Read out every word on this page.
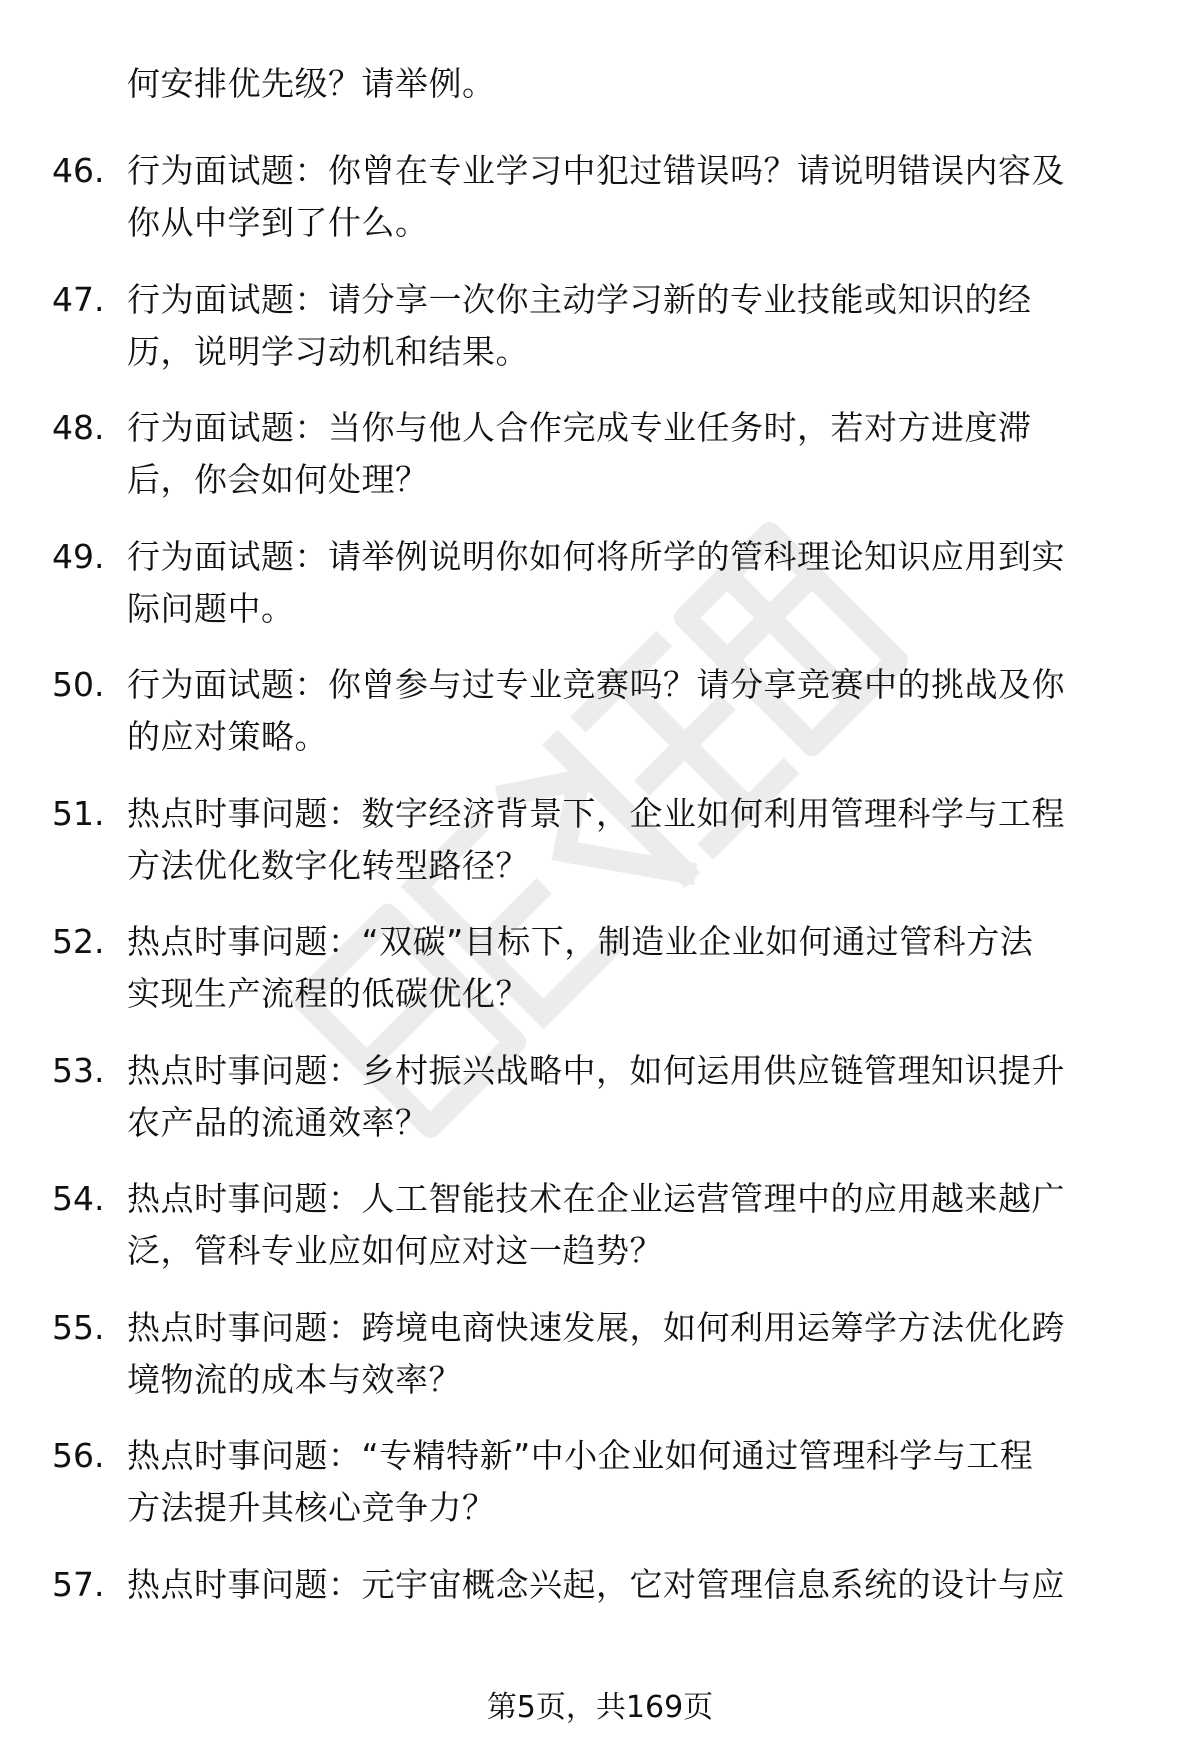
何安排优先级？请举例。
46. 行为面试题：你曾在专业学习中犯过错误吗？请说明错误内容及
你从中学到了什么。
47. 行为面试题：请分享一次你主动学习新的专业技能或知识的经
历，说明学习动机和结果。
48. 行为面试题：当你与他人合作完成专业任务时，若对方进度滞
后，你会如何处理？
49. 行为面试题：请举例说明你如何将所学的管科理论知识应用到实
际问题中。
50. 行为面试题：你曾参与过专业竞赛吗？请分享竞赛中的挑战及你
的应对策略。
51. 热点时事问题：数字经济背景下，企业如何利用管理科学与工程
方法优化数字化转型路径？
52. 热点时事问题：“双碳”目标下，制造业企业如何通过管科方法
实现生产流程的低碳优化？
53. 热点时事问题：乡村振兴战略中，如何运用供应链管理知识提升
农产品的流通效率？
54. 热点时事问题：人工智能技术在企业运营管理中的应用越来越广
泛，管科专业应如何应对这一趋势？
55. 热点时事问题：跨境电商快速发展，如何利用运筹学方法优化跨
境物流的成本与效率？
56. 热点时事问题：“专精特新”中小企业如何通过管理科学与工程
方法提升其核心竞争力？
57. 热点时事问题：元宇宙概念兴起，它对管理信息系统的设计与应
第5页，共169页
